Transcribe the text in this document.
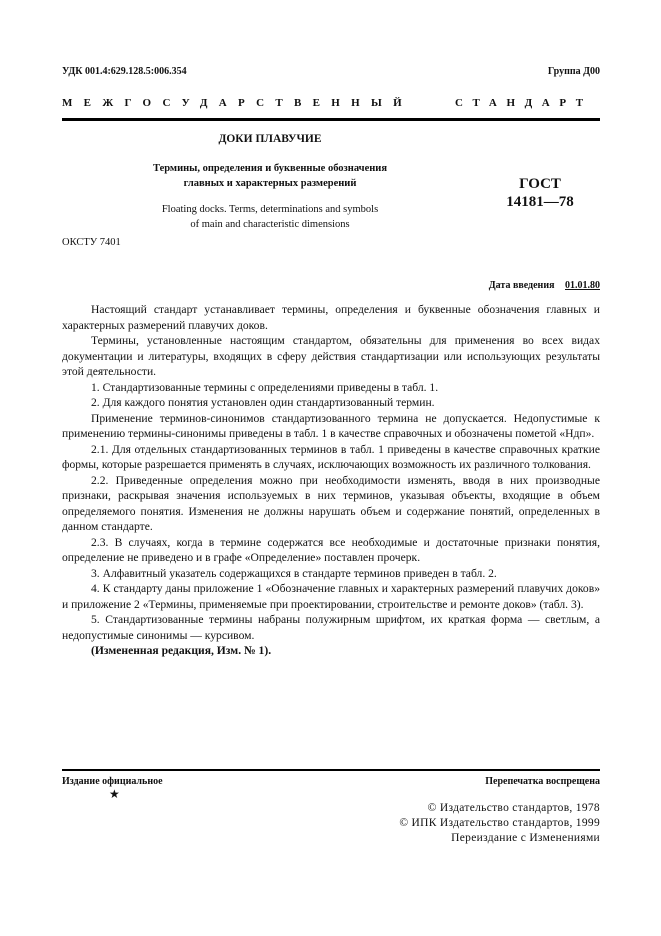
УДК 001.4:629.128.5:006.354	Группа Д00
МЕЖГОСУДАРСТВЕННЫЙ	СТАНДАРТ
ДОКИ ПЛАВУЧИЕ
Термины, определения и буквенные обозначения
главных и характерных размерений
Floating docks. Terms, determinations and symbols
of main and characteristic dimensions
ГОСТ
14181—78
ОКСТУ 7401
Дата введения 01.01.80

Настоящий стандарт устанавливает термины, определения и буквенные обозначения главных и характерных размерений плавучих доков.

Термины, установленные настоящим стандартом, обязательны для применения во всех видах документации и литературы, входящих в сферу действия стандартизации или использующих результаты этой деятельности.

1. Стандартизованные термины с определениями приведены в табл. 1.

2. Для каждого понятия установлен один стандартизованный термин.

Применение терминов-синонимов стандартизованного термина не допускается. Недопустимые к применению термины-синонимы приведены в табл. 1 в качестве справочных и обозначены пометой «Ндп».

2.1. Для отдельных стандартизованных терминов в табл. 1 приведены в качестве справочных краткие формы, которые разрешается применять в случаях, исключающих возможность их различного толкования.

2.2. Приведенные определения можно при необходимости изменять, вводя в них производные признаки, раскрывая значения используемых в них терминов, указывая объекты, входящие в объем определяемого понятия. Изменения не должны нарушать объем и содержание понятий, определенных в данном стандарте.

2.3. В случаях, когда в термине содержатся все необходимые и достаточные признаки понятия, определение не приведено и в графе «Определение» поставлен прочерк.

3. Алфавитный указатель содержащихся в стандарте терминов приведен в табл. 2.

4. К стандарту даны приложение 1 «Обозначение главных и характерных размерений плавучих доков» и приложение 2 «Термины, применяемые при проектировании, строительстве и ремонте доков» (табл. 3).

5. Стандартизованные термины набраны полужирным шрифтом, их краткая форма — светлым, а недопустимые синонимы — курсивом.

(Измененная редакция, Изм. № 1).

Издание официальное
★
Перепечатка воспрещена
© Издательство стандартов, 1978
© ИПК Издательство стандартов, 1999
Переиздание с Изменениями
